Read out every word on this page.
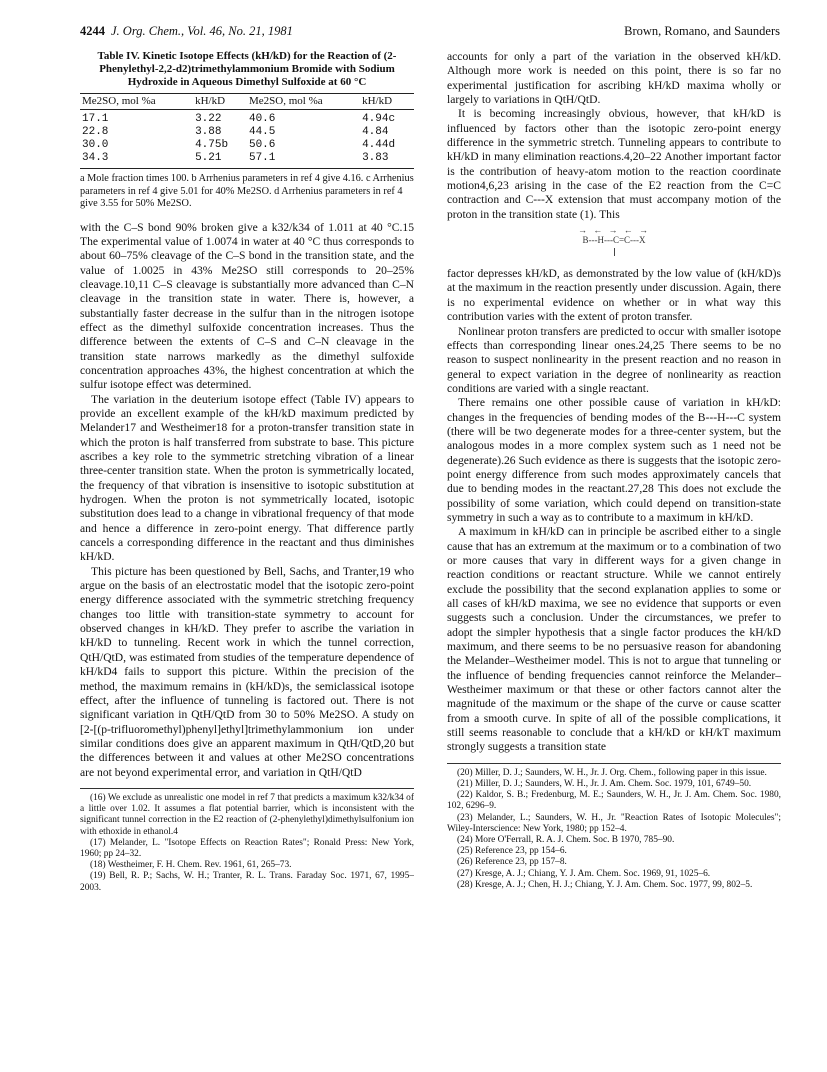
4244 J. Org. Chem., Vol. 46, No. 21, 1981	Brown, Romano, and Saunders
Table IV. Kinetic Isotope Effects (kH/kD) for the Reaction of (2-Phenylethyl-2,2-d2)trimethylammonium Bromide with Sodium Hydroxide in Aqueous Dimethyl Sulfoxide at 60 °C
Me2SO, mol %a	kH/kD	Me2SO, mol %a	kH/kD
17.1	3.22	40.6	4.94c
22.8	3.88	44.5	4.84
30.0	4.75b	50.6	4.44d
34.3	5.21	57.1	3.83
a Mole fraction times 100. b Arrhenius parameters in ref 4 give 4.16. c Arrhenius parameters in ref 4 give 5.01 for 40% Me2SO. d Arrhenius parameters in ref 4 give 3.55 for 50% Me2SO.

with the C–S bond 90% broken give a k32/k34 of 1.011 at 40 °C.15 The experimental value of 1.0074 in water at 40 °C thus corresponds to about 60–75% cleavage of the C–S bond in the transition state, and the value of 1.0025 in 43% Me2SO still corresponds to 20–25% cleavage.10,11 C–S cleavage is substantially more advanced than C–N cleavage in the transition state in water. There is, however, a substantially faster decrease in the sulfur than in the nitrogen isotope effect as the dimethyl sulfoxide concentration increases. Thus the difference between the extents of C–S and C–N cleavage in the transition state narrows markedly as the dimethyl sulfoxide concentration approaches 43%, the highest concentration at which the sulfur isotope effect was determined.

The variation in the deuterium isotope effect (Table IV) appears to provide an excellent example of the kH/kD maximum predicted by Melander17 and Westheimer18 for a proton-transfer transition state in which the proton is half transferred from substrate to base. This picture ascribes a key role to the symmetric stretching vibration of a linear three-center transition state. When the proton is symmetrically located, the frequency of that vibration is insensitive to isotopic substitution at hydrogen. When the proton is not symmetrically located, isotopic substitution does lead to a change in vibrational frequency of that mode and hence a difference in zero-point energy. That difference partly cancels a corresponding difference in the reactant and thus diminishes kH/kD.

This picture has been questioned by Bell, Sachs, and Tranter,19 who argue on the basis of an electrostatic model that the isotopic zero-point energy difference associated with the symmetric stretching frequency changes too little with transition-state symmetry to account for observed changes in kH/kD. They prefer to ascribe the variation in kH/kD to tunneling. Recent work in which the tunnel correction, QtH/QtD, was estimated from studies of the temperature dependence of kH/kD4 fails to support this picture. Within the precision of the method, the maximum remains in (kH/kD)s, the semiclassical isotope effect, after the influence of tunneling is factored out. There is not significant variation in QtH/QtD from 30 to 50% Me2SO. A study on [2-[(p-trifluoromethyl)phenyl]ethyl]trimethylammonium ion under similar conditions does give an apparent maximum in QtH/QtD,20 but the differences between it and values at other Me2SO concentrations are not beyond experimental error, and variation in QtH/QtD

(16) We exclude as unrealistic one model in ref 7 that predicts a maximum k32/k34 of a little over 1.02. It assumes a flat potential barrier, which is inconsistent with the significant tunnel correction in the E2 reaction of (2-phenylethyl)dimethylsulfonium ion with ethoxide in ethanol.4
(17) Melander, L. "Isotope Effects on Reaction Rates"; Ronald Press: New York, 1960; pp 24–32.
(18) Westheimer, F. H. Chem. Rev. 1961, 61, 265–73.
(19) Bell, R. P.; Sachs, W. H.; Tranter, R. L. Trans. Faraday Soc. 1971, 67, 1995–2003.

accounts for only a part of the variation in the observed kH/kD. Although more work is needed on this point, there is so far no experimental justification for ascribing kH/kD maxima wholly or largely to variations in QtH/QtD.

It is becoming increasingly obvious, however, that kH/kD is influenced by factors other than the isotopic zero-point energy difference in the symmetric stretch. Tunneling appears to contribute to kH/kD in many elimination reactions.4,20–22 Another important factor is the contribution of heavy-atom motion to the reaction coordinate motion4,6,23 arising in the case of the E2 reaction from the C=C contraction and C---X extension that must accompany motion of the proton in the transition state (1). This

→ ← → ← →
B---H---C=C---X

factor depresses kH/kD, as demonstrated by the low value of (kH/kD)s at the maximum in the reaction presently under discussion. Again, there is no experimental evidence on whether or in what way this contribution varies with the extent of proton transfer.

Nonlinear proton transfers are predicted to occur with smaller isotope effects than corresponding linear ones.24,25 There seems to be no reason to suspect nonlinearity in the present reaction and no reason in general to expect variation in the degree of nonlinearity as reaction conditions are varied with a single reactant.

There remains one other possible cause of variation in kH/kD: changes in the frequencies of bending modes of the B---H---C system (there will be two degenerate modes for a three-center system, but the analogous modes in a more complex system such as 1 need not be degenerate).26 Such evidence as there is suggests that the isotopic zero-point energy difference from such modes approximately cancels that due to bending modes in the reactant.27,28 This does not exclude the possibility of some variation, which could depend on transition-state symmetry in such a way as to contribute to a maximum in kH/kD.

A maximum in kH/kD can in principle be ascribed either to a single cause that has an extremum at the maximum or to a combination of two or more causes that vary in different ways for a given change in reaction conditions or reactant structure. While we cannot entirely exclude the possibility that the second explanation applies to some or all cases of kH/kD maxima, we see no evidence that supports or even suggests such a conclusion. Under the circumstances, we prefer to adopt the simpler hypothesis that a single factor produces the kH/kD maximum, and there seems to be no persuasive reason for abandoning the Melander–Westheimer model. This is not to argue that tunneling or the influence of bending frequencies cannot reinforce the Melander–Westheimer maximum or that these or other factors cannot alter the magnitude of the maximum or the shape of the curve or cause scatter from a smooth curve. In spite of all of the possible complications, it still seems reasonable to conclude that a kH/kD or kH/kT maximum strongly suggests a transition state

(20) Miller, D. J.; Saunders, W. H., Jr. J. Org. Chem., following paper in this issue.
(21) Miller, D. J.; Saunders, W. H., Jr. J. Am. Chem. Soc. 1979, 101, 6749–50.
(22) Kaldor, S. B.; Fredenburg, M. E.; Saunders, W. H., Jr. J. Am. Chem. Soc. 1980, 102, 6296–9.
(23) Melander, L.; Saunders, W. H., Jr. "Reaction Rates of Isotopic Molecules"; Wiley-Interscience: New York, 1980; pp 152–4.
(24) More O'Ferrall, R. A. J. Chem. Soc. B 1970, 785–90.
(25) Reference 23, pp 154–6.
(26) Reference 23, pp 157–8.
(27) Kresge, A. J.; Chiang, Y. J. Am. Chem. Soc. 1969, 91, 1025–6.
(28) Kresge, A. J.; Chen, H. J.; Chiang, Y. J. Am. Chem. Soc. 1977, 99, 802–5.
